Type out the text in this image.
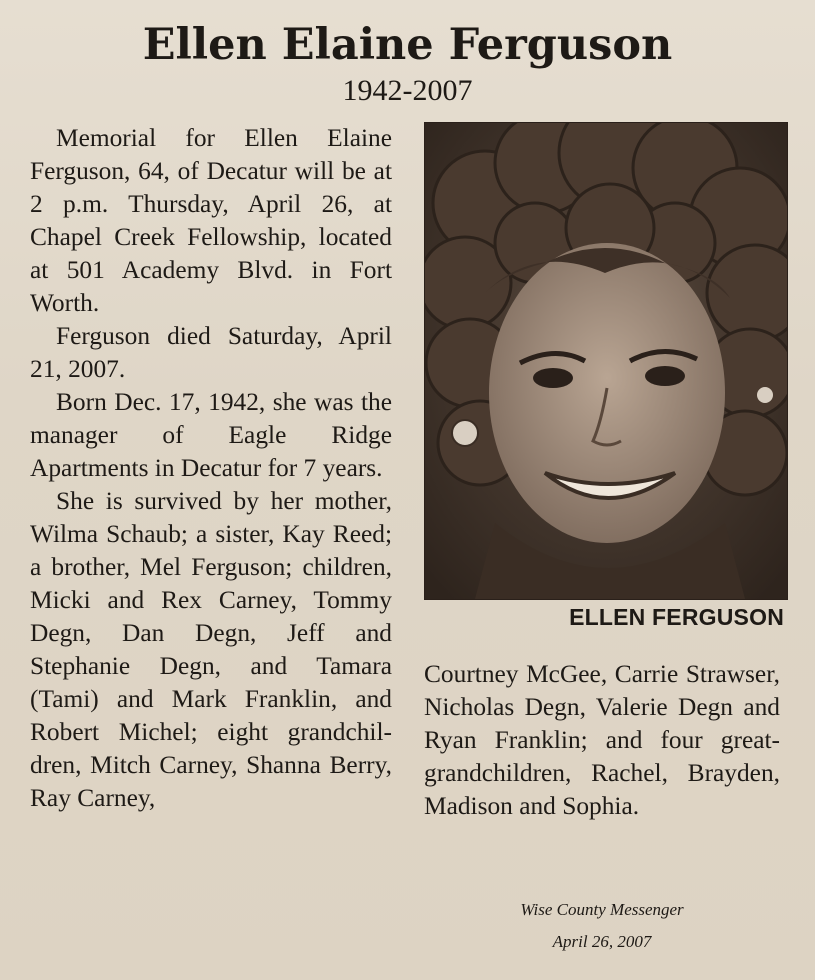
Ellen Elaine Ferguson
1942-2007

Memorial for Ellen Elaine Ferguson, 64, of Decatur will be at 2 p.m. Thursday, April 26, at Chapel Creek Fellowship, located at 501 Academy Blvd. in Fort Worth.

Ferguson died Saturday, April 21, 2007.

Born Dec. 17, 1942, she was the manager of Eagle Ridge Apartments in Decatur for 7 years.

She is survived by her mother, Wilma Schaub; a sister, Kay Reed; a brother, Mel Ferguson; children, Micki and Rex Carney, Tommy Degn, Dan Degn, Jeff and Stephanie Degn, and Tamara (Tami) and Mark Franklin, and Robert Michel; eight grandchil-dren, Mitch Carney, Shanna Berry, Ray Carney,

ELLEN FERGUSON

Courtney McGee, Carrie Strawser, Nicholas Degn, Valerie Degn and Ryan Franklin; and four great-grandchildren, Rachel, Brayden, Madison and Sophia.

Wise County Messenger
April 26, 2007
